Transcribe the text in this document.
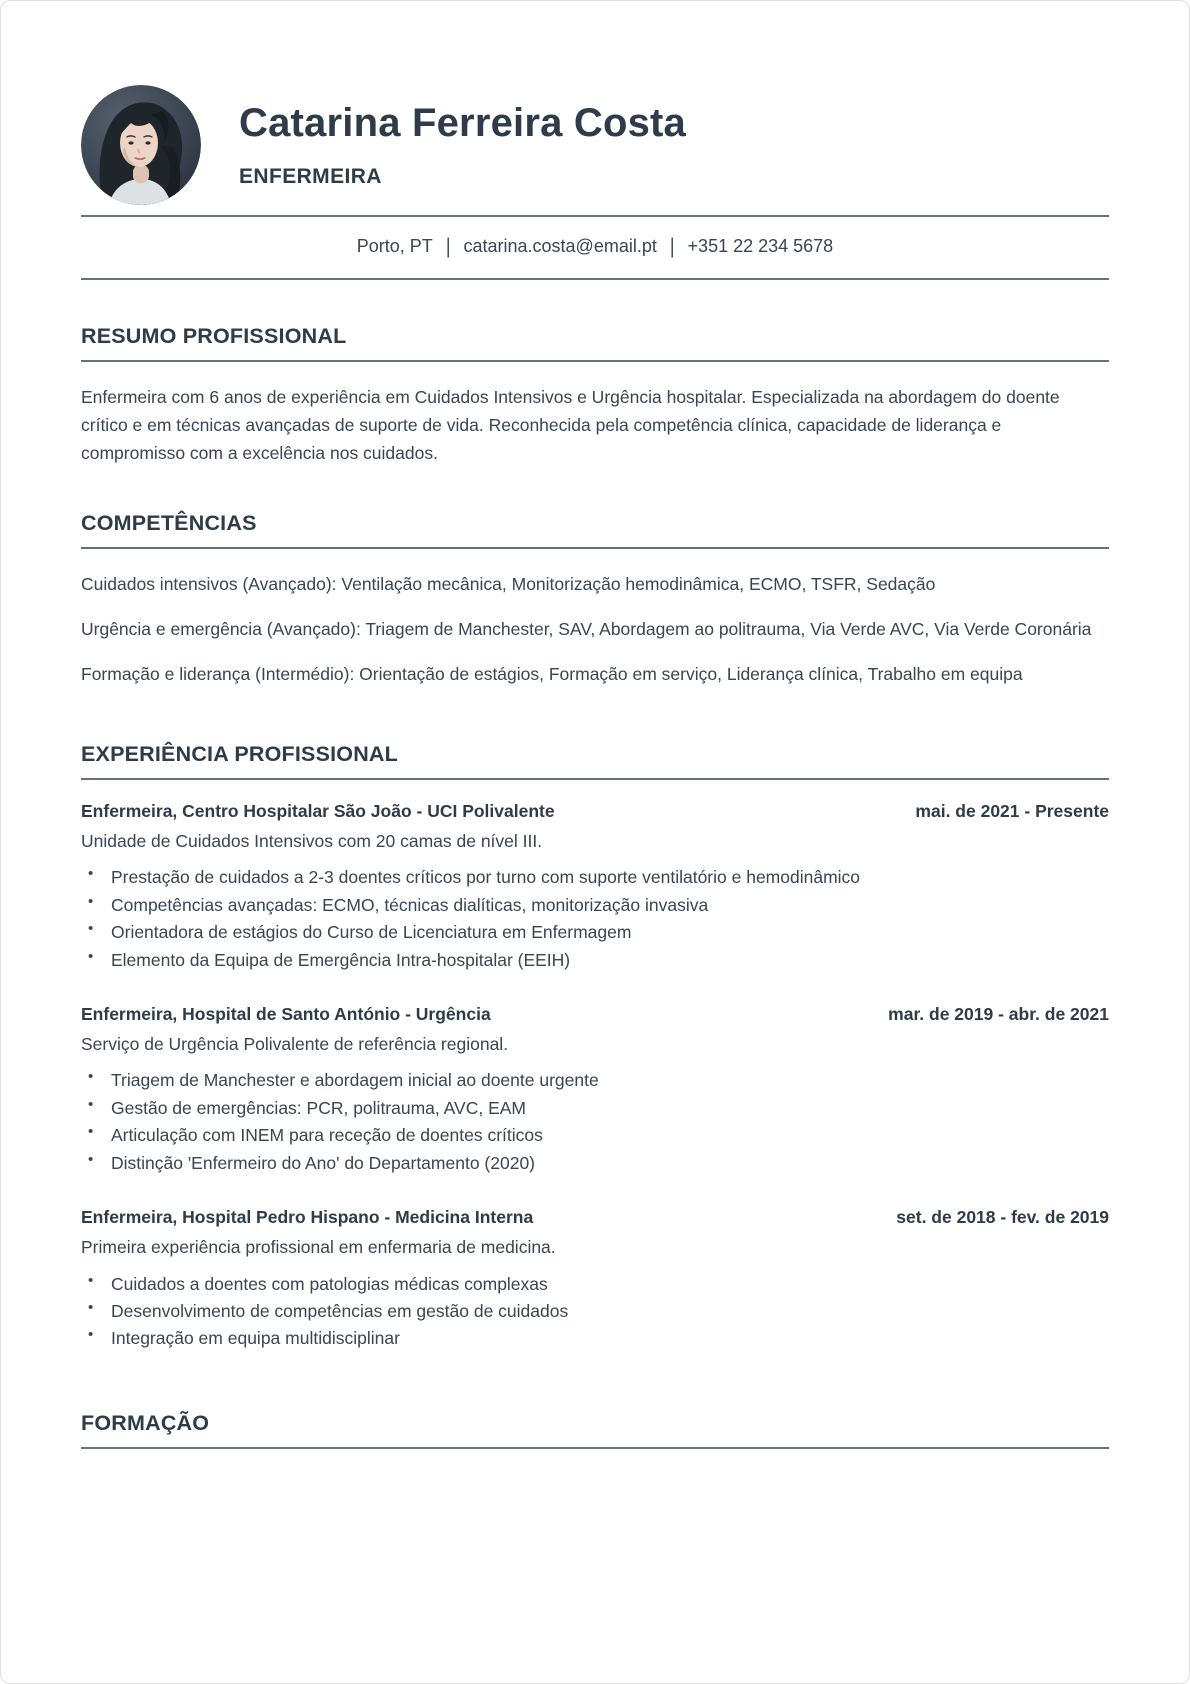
Catarina Ferreira Costa
ENFERMEIRA
Porto, PT | catarina.costa@email.pt | +351 22 234 5678
RESUMO PROFISSIONAL

Enfermeira com 6 anos de experiência em Cuidados Intensivos e Urgência hospitalar. Especializada na abordagem do doente crítico e em técnicas avançadas de suporte de vida. Reconhecida pela competência clínica, capacidade de liderança e compromisso com a excelência nos cuidados.

COMPETÊNCIAS

Cuidados intensivos (Avançado): Ventilação mecânica, Monitorização hemodinâmica, ECMO, TSFR, Sedação

Urgência e emergência (Avançado): Triagem de Manchester, SAV, Abordagem ao politrauma, Via Verde AVC, Via Verde Coronária

Formação e liderança (Intermédio): Orientação de estágios, Formação em serviço, Liderança clínica, Trabalho em equipa

EXPERIÊNCIA PROFISSIONAL
Enfermeira, Centro Hospitalar São João - UCI Polivalente	mai. de 2021 - Presente
Unidade de Cuidados Intensivos com 20 camas de nível III.
• Prestação de cuidados a 2-3 doentes críticos por turno com suporte ventilatório e hemodinâmico
• Competências avançadas: ECMO, técnicas dialíticas, monitorização invasiva
• Orientadora de estágios do Curso de Licenciatura em Enfermagem
• Elemento da Equipa de Emergência Intra-hospitalar (EEIH)
Enfermeira, Hospital de Santo António - Urgência	mar. de 2019 - abr. de 2021
Serviço de Urgência Polivalente de referência regional.
• Triagem de Manchester e abordagem inicial ao doente urgente
• Gestão de emergências: PCR, politrauma, AVC, EAM
• Articulação com INEM para receção de doentes críticos
• Distinção 'Enfermeiro do Ano' do Departamento (2020)
Enfermeira, Hospital Pedro Hispano - Medicina Interna	set. de 2018 - fev. de 2019
Primeira experiência profissional em enfermaria de medicina.
• Cuidados a doentes com patologias médicas complexas
• Desenvolvimento de competências em gestão de cuidados
• Integração em equipa multidisciplinar
FORMAÇÃO
